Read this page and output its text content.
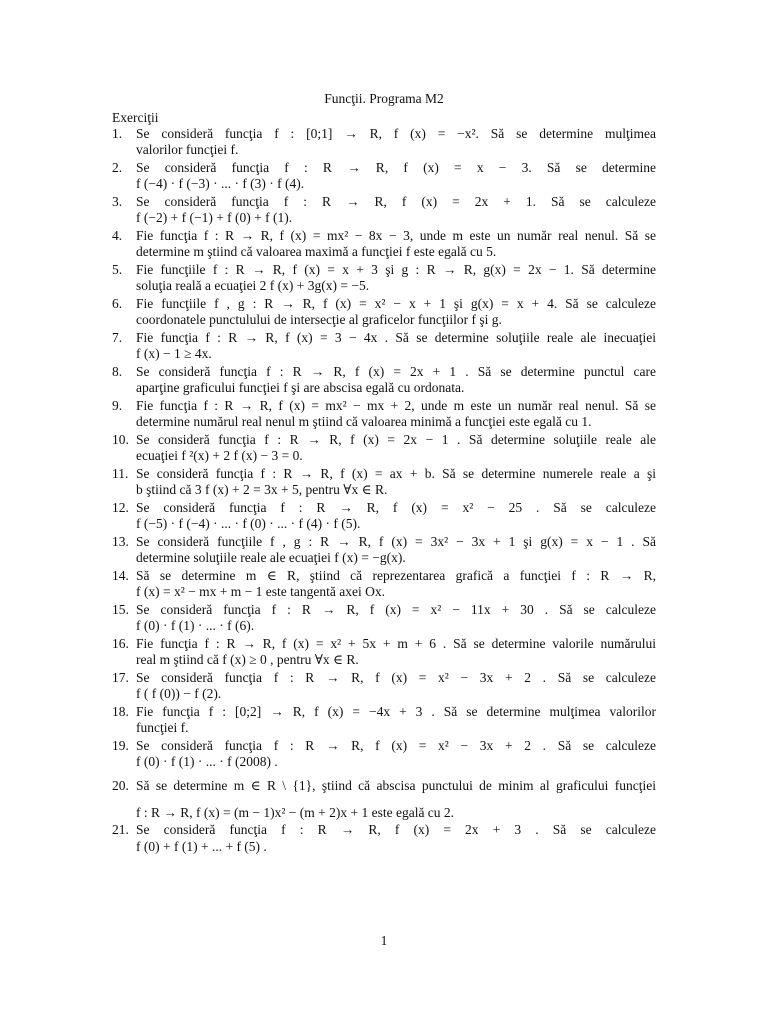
Funcţii. Programa M2
Exerciţii
1.	Se consideră funcţia f : [0;1] → R, f (x) = −x². Să se determine mulţimea
valorilor funcţiei f.
2.	Se consideră funcţia f : R → R, f (x) = x − 3. Să se determine
f (−4) · f (−3) · ... · f (3) · f (4).
3.	Se consideră funcţia f : R → R, f (x) = 2x + 1. Să se calculeze
f (−2) + f (−1) + f (0) + f (1).
4.	Fie funcţia f : R → R, f (x) = mx² − 8x − 3, unde m este un număr real nenul. Să se
determine m ştiind că valoarea maximă a funcţiei f este egală cu 5.
5.	Fie funcţiile f : R → R, f (x) = x + 3 şi g : R → R, g(x) = 2x − 1. Să determine
soluţia reală a ecuaţiei 2 f (x) + 3g(x) = −5.
6.	Fie funcţiile f , g : R → R, f (x) = x² − x + 1 şi g(x) = x + 4. Să se calculeze
coordonatele punctulului de intersecţie al graficelor funcţiilor f şi g.
7.	Fie funcţia f : R → R, f (x) = 3 − 4x . Să se determine soluţiile reale ale inecuaţiei
f (x) − 1 ≥ 4x.
8.	Se consideră funcţia f : R → R, f (x) = 2x + 1 . Să se determine punctul care
aparţine graficului funcţiei f şi are abscisa egală cu ordonata.
9.	Fie funcţia f : R → R, f (x) = mx² − mx + 2, unde m este un număr real nenul. Să se
determine numărul real nenul m ştiind că valoarea minimă a funcţiei este egală cu 1.
10. Se consideră funcţia f : R → R, f (x) = 2x − 1 . Să determine soluţiile reale ale
ecuaţiei f ²(x) + 2 f (x) − 3 = 0.
11. Se consideră funcţia f : R → R, f (x) = ax + b. Să se determine numerele reale a şi
b ştiind că 3 f (x) + 2 = 3x + 5, pentru ∀x ∈ R.
12. Se consideră funcţia f : R → R, f (x) = x² − 25 . Să se calculeze
f (−5) · f (−4) · ... · f (0) · ... · f (4) · f (5).
13. Se consideră funcţiile f , g : R → R, f (x) = 3x² − 3x + 1 şi g(x) = x − 1 . Să
determine soluţiile reale ale ecuaţiei f (x) = −g(x).
14. Să se determine m ∈ R, ştiind că reprezentarea grafică a funcţiei f : R → R,
f (x) = x² − mx + m − 1 este tangentă axei Ox.
15. Se consideră funcţia f : R → R, f (x) = x² − 11x + 30 . Să se calculeze
f (0) · f (1) · ... · f (6).
16. Fie funcţia f : R → R, f (x) = x² + 5x + m + 6 . Să se determine valorile numărului
real m ştiind că f (x) ≥ 0 , pentru ∀x ∈ R.
17. Se consideră funcţia f : R → R, f (x) = x² − 3x + 2 . Să se calculeze
f ( f (0)) − f (2).
18. Fie funcţia f : [0;2] → R, f (x) = −4x + 3 . Să se determine mulţimea valorilor
funcţiei f.
19. Se consideră funcţia f : R → R, f (x) = x² − 3x + 2 . Să se calculeze
f (0) · f (1) · ... · f (2008) .
20. Să se determine m ∈ R \ {1}, ştiind că abscisa punctului de minim al graficului funcţiei
f : R → R, f (x) = (m − 1)x² − (m + 2)x + 1 este egală cu 2.
21. Se consideră funcţia f : R → R, f (x) = 2x + 3 . Să se calculeze
f (0) + f (1) + ... + f (5) .
1
